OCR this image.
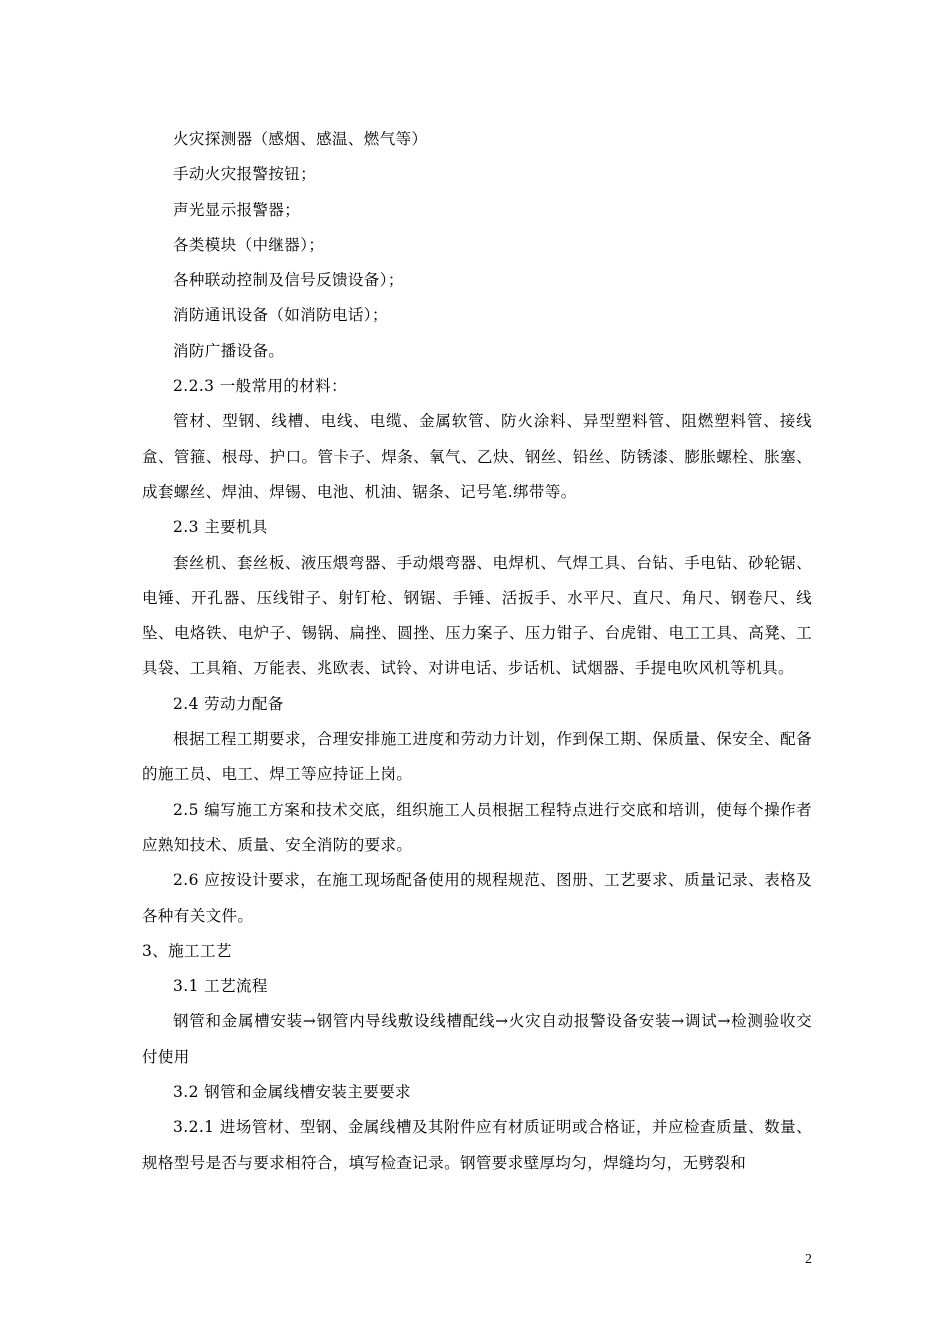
火灾探测器（感烟、感温、燃气等）

手动火灾报警按钮；

声光显示报警器；

各类模块（中继器）；

各种联动控制及信号反馈设备）；

消防通讯设备（如消防电话）；

消防广播设备。

2.2.3 一般常用的材料：

管材、型钢、线槽、电线、电缆、金属软管、防火涂料、异型塑料管、阻燃塑料管、接线盒、管箍、根母、护口。管卡子、焊条、氧气、乙炔、钢丝、铅丝、防锈漆、膨胀螺栓、胀塞、成套螺丝、焊油、焊锡、电池、机油、锯条、记号笔.绑带等。

2.3 主要机具

套丝机、套丝板、液压煨弯器、手动煨弯器、电焊机、气焊工具、台钻、手电钻、砂轮锯、电锤、开孔器、压线钳子、射钉枪、钢锯、手锤、活扳手、水平尺、直尺、角尺、钢卷尺、线坠、电烙铁、电炉子、锡锅、扁挫、圆挫、压力案子、压力钳子、台虎钳、电工工具、高凳、工具袋、工具箱、万能表、兆欧表、试铃、对讲电话、步话机、试烟器、手提电吹风机等机具。

2.4 劳动力配备

根据工程工期要求，合理安排施工进度和劳动力计划，作到保工期、保质量、保安全、配备的施工员、电工、焊工等应持证上岗。

2.5 编写施工方案和技术交底，组织施工人员根据工程特点进行交底和培训，使每个操作者应熟知技术、质量、安全消防的要求。

2.6 应按设计要求，在施工现场配备使用的规程规范、图册、工艺要求、质量记录、表格及各种有关文件。

3、施工工艺

3.1 工艺流程

钢管和金属槽安装→钢管内导线敷设线槽配线→火灾自动报警设备安装→调试→检测验收交付使用

3.2 钢管和金属线槽安装主要要求

3.2.1 进场管材、型钢、金属线槽及其附件应有材质证明或合格证，并应检查质量、数量、规格型号是否与要求相符合，填写检查记录。钢管要求壁厚均匀，焊缝均匀，无劈裂和

2
